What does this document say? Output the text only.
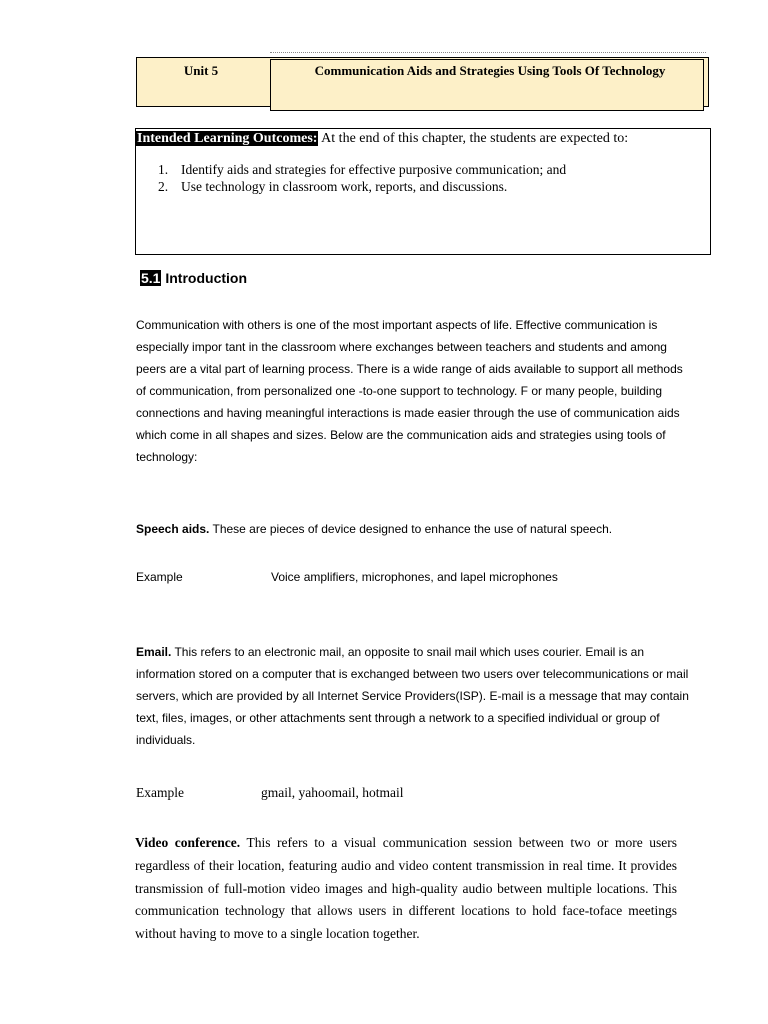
Unit 5	Communication Aids and Strategies Using Tools Of Technology
Intended Learning Outcomes: At the end of this chapter, the students are expected to:
1. Identify aids and strategies for effective purposive communication; and
2. Use technology in classroom work, reports, and discussions.
5.1 Introduction

Communication with others is one of the most important aspects of life. Effective communication is especially impor tant in the classroom where exchanges between teachers and students and among peers are a vital part of learning process. There is a wide range of aids available to support all methods of communication, from personalized one -to-one support to technology. F or many people, building connections and having meaningful interactions is made easier through the use of communication aids which come in all shapes and sizes. Below are the communication aids and strategies using tools of technology:

Speech aids. These are pieces of device designed to enhance the use of natural speech.

Example	Voice amplifiers, microphones, and lapel microphones

Email. This refers to an electronic mail, an opposite to snail mail which uses courier. Email is an information stored on a computer that is exchanged between two users over telecommunications or mail servers, which are provided by all Internet Service Providers(ISP). E-mail is a message that may contain text, files, images, or other attachments sent through a network to a specified individual or group of individuals.

Example	gmail, yahoomail, hotmail

Video conference. This refers to a visual communication session between two or more users regardless of their location, featuring audio and video content transmission in real time. It provides transmission of full-motion video images and high-quality audio between multiple locations. This communication technology that allows users in different locations to hold face-toface meetings without having to move to a single location together.
